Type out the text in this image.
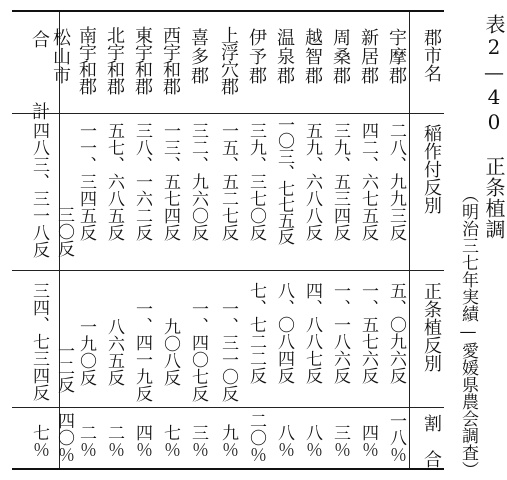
郡市名
稲作付反別
正条植反別
割　合
宇摩郡
二八、九九三反
五、〇九六反
一八％
新居郡
四二、六七五反
一、五七六反
四％
周桑郡
三九、五三四反
一、一八六反
三％
越智郡
五九、六八八反
四、八八七反
八％
温泉郡
一〇三、七七五反
八、〇八四反
八％
伊予郡
三九、三七〇反
七、七二二反
二〇％
上浮穴郡
一五、五二七反
一、三一〇反
九％
喜多郡
三二、九六〇反
一、四〇七反
三％
西宇和郡
一三、五七四反
九〇八反
七％
東宇和郡
三八、一六二反
一、四一九反
四％
北宇和郡
五七、六八五反
八六五反
二％
南宇和郡
一一、三四五反
一九〇反
二％
松山市
三〇反
一二反
四〇％
合　計
四八三、三一八反
三四、七三四反
七％
表2—40　正条植調
（明治三七年実績—愛媛県農会調査）
